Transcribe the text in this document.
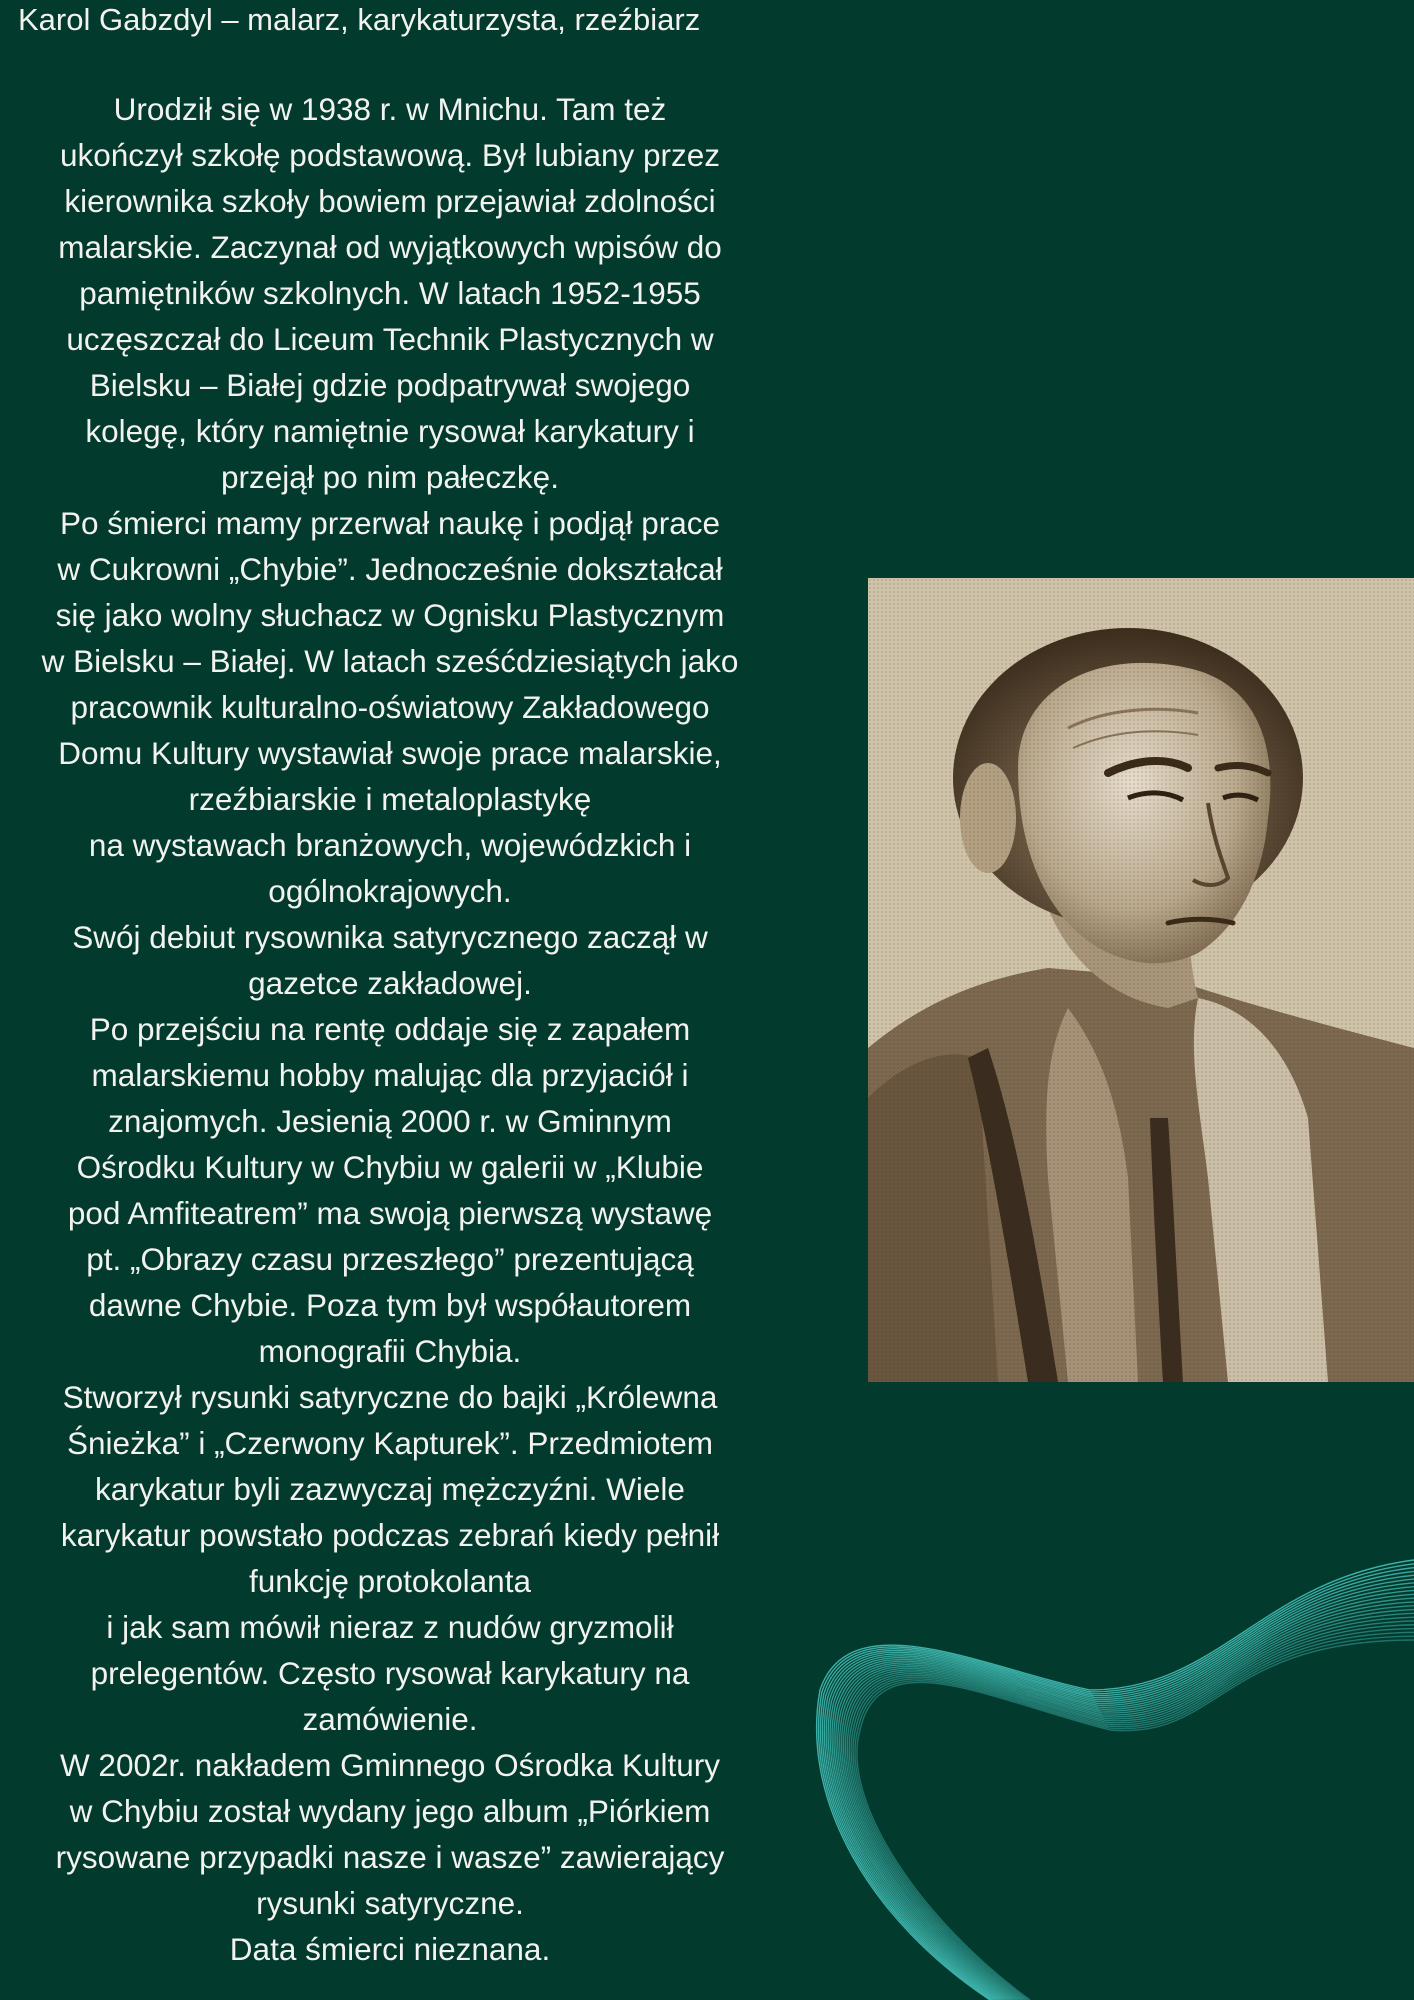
Karol Gabzdyl – malarz, karykaturzysta, rzeźbiarz

Urodził się w 1938 r. w Mnichu. Tam też

ukończył szkołę podstawową. Był lubiany przez

kierownika szkoły bowiem przejawiał zdolności

malarskie. Zaczynał od wyjątkowych wpisów do

pamiętników szkolnych. W latach 1952-1955

uczęszczał do Liceum Technik Plastycznych w

Bielsku – Białej gdzie podpatrywał swojego

kolegę, który namiętnie rysował karykatury i

przejął po nim pałeczkę.

Po śmierci mamy przerwał naukę i podjął prace

w Cukrowni „Chybie”. Jednocześnie dokształcał

się jako wolny słuchacz w Ognisku Plastycznym

w Bielsku – Białej. W latach sześćdziesiątych jako

pracownik kulturalno-oświatowy Zakładowego

Domu Kultury wystawiał swoje prace malarskie,

rzeźbiarskie i metaloplastykę

na wystawach branżowych, wojewódzkich i

ogólnokrajowych.

Swój debiut rysownika satyrycznego zaczął w

gazetce zakładowej.

Po przejściu na rentę oddaje się z zapałem

malarskiemu hobby malując dla przyjaciół i

znajomych. Jesienią 2000 r. w Gminnym

Ośrodku Kultury w Chybiu w galerii w „Klubie

pod Amfiteatrem” ma swoją pierwszą wystawę

pt. „Obrazy czasu przeszłego” prezentującą

dawne Chybie. Poza tym był współautorem

monografii Chybia.

Stworzył rysunki satyryczne do bajki „Królewna

Śnieżka” i „Czerwony Kapturek”. Przedmiotem

karykatur byli zazwyczaj mężczyźni. Wiele

karykatur powstało podczas zebrań kiedy pełnił

funkcję protokolanta

i jak sam mówił nieraz z nudów gryzmolił

prelegentów. Często rysował karykatury na

zamówienie.

W 2002r. nakładem Gminnego Ośrodka Kultury

w Chybiu został wydany jego album „Piórkiem

rysowane przypadki nasze i wasze” zawierający

rysunki satyryczne.

Data śmierci nieznana.
